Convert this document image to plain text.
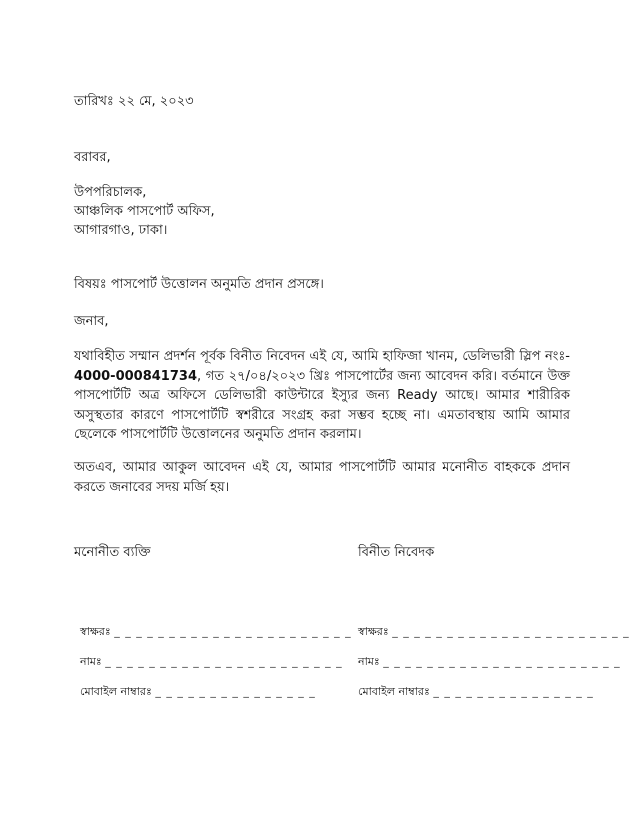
তারিখঃ ২২ মে, ২০২৩
বরাবর,
উপপরিচালক,
আঞ্চলিক পাসপোর্ট অফিস,
আগারগাও, ঢাকা।
বিষয়ঃ পাসপোর্ট উত্তোলন অনুমতি প্রদান প্রসঙ্গে।
জনাব,
যথাবিহীত সম্মান প্রদর্শন পূর্বক বিনীত নিবেদন এই যে, আমি হাফিজা খানম, ডেলিভারী স্লিপ নংঃ- 4000-000841734, গত ২৭/০৪/২০২৩ খ্রিঃ পাসপোর্টের জন্য আবেদন করি। বর্তমানে উক্ত পাসপোর্টটি অত্র অফিসে ডেলিভারী কাউন্টারে ইস্যুর জন্য Ready আছে। আমার শারীরিক অসুস্থতার কারণে পাসপোর্টটি স্বশরীরে সংগ্রহ করা সম্ভব হচ্ছে না। এমতাবস্থায় আমি আমার ছেলেকে পাসপোর্টটি উত্তোলনের অনুমতি প্রদান করলাম।
অতএব, আমার আকুল আবেদন এই যে, আমার পাসপোর্টটি আমার মনোনীত বাহককে প্রদান করতে জনাবের সদয় মর্জি হয়।
মনোনীত ব্যক্তি	বিনীত নিবেদক
স্বাক্ষরঃ _ _ _ _ _ _ _ _ _ _ _ _ _ _ _ _ _ _ _ _ _ _
নামঃ _ _ _ _ _ _ _ _ _ _ _ _ _ _ _ _ _ _ _ _ _ _
মোবাইল নাম্বারঃ _ _ _ _ _ _ _ _ _ _ _ _ _ _ _
স্বাক্ষরঃ _ _ _ _ _ _ _ _ _ _ _ _ _ _ _ _ _ _ _ _ _ _
নামঃ _ _ _ _ _ _ _ _ _ _ _ _ _ _ _ _ _ _ _ _ _ _
মোবাইল নাম্বারঃ _ _ _ _ _ _ _ _ _ _ _ _ _ _ _
